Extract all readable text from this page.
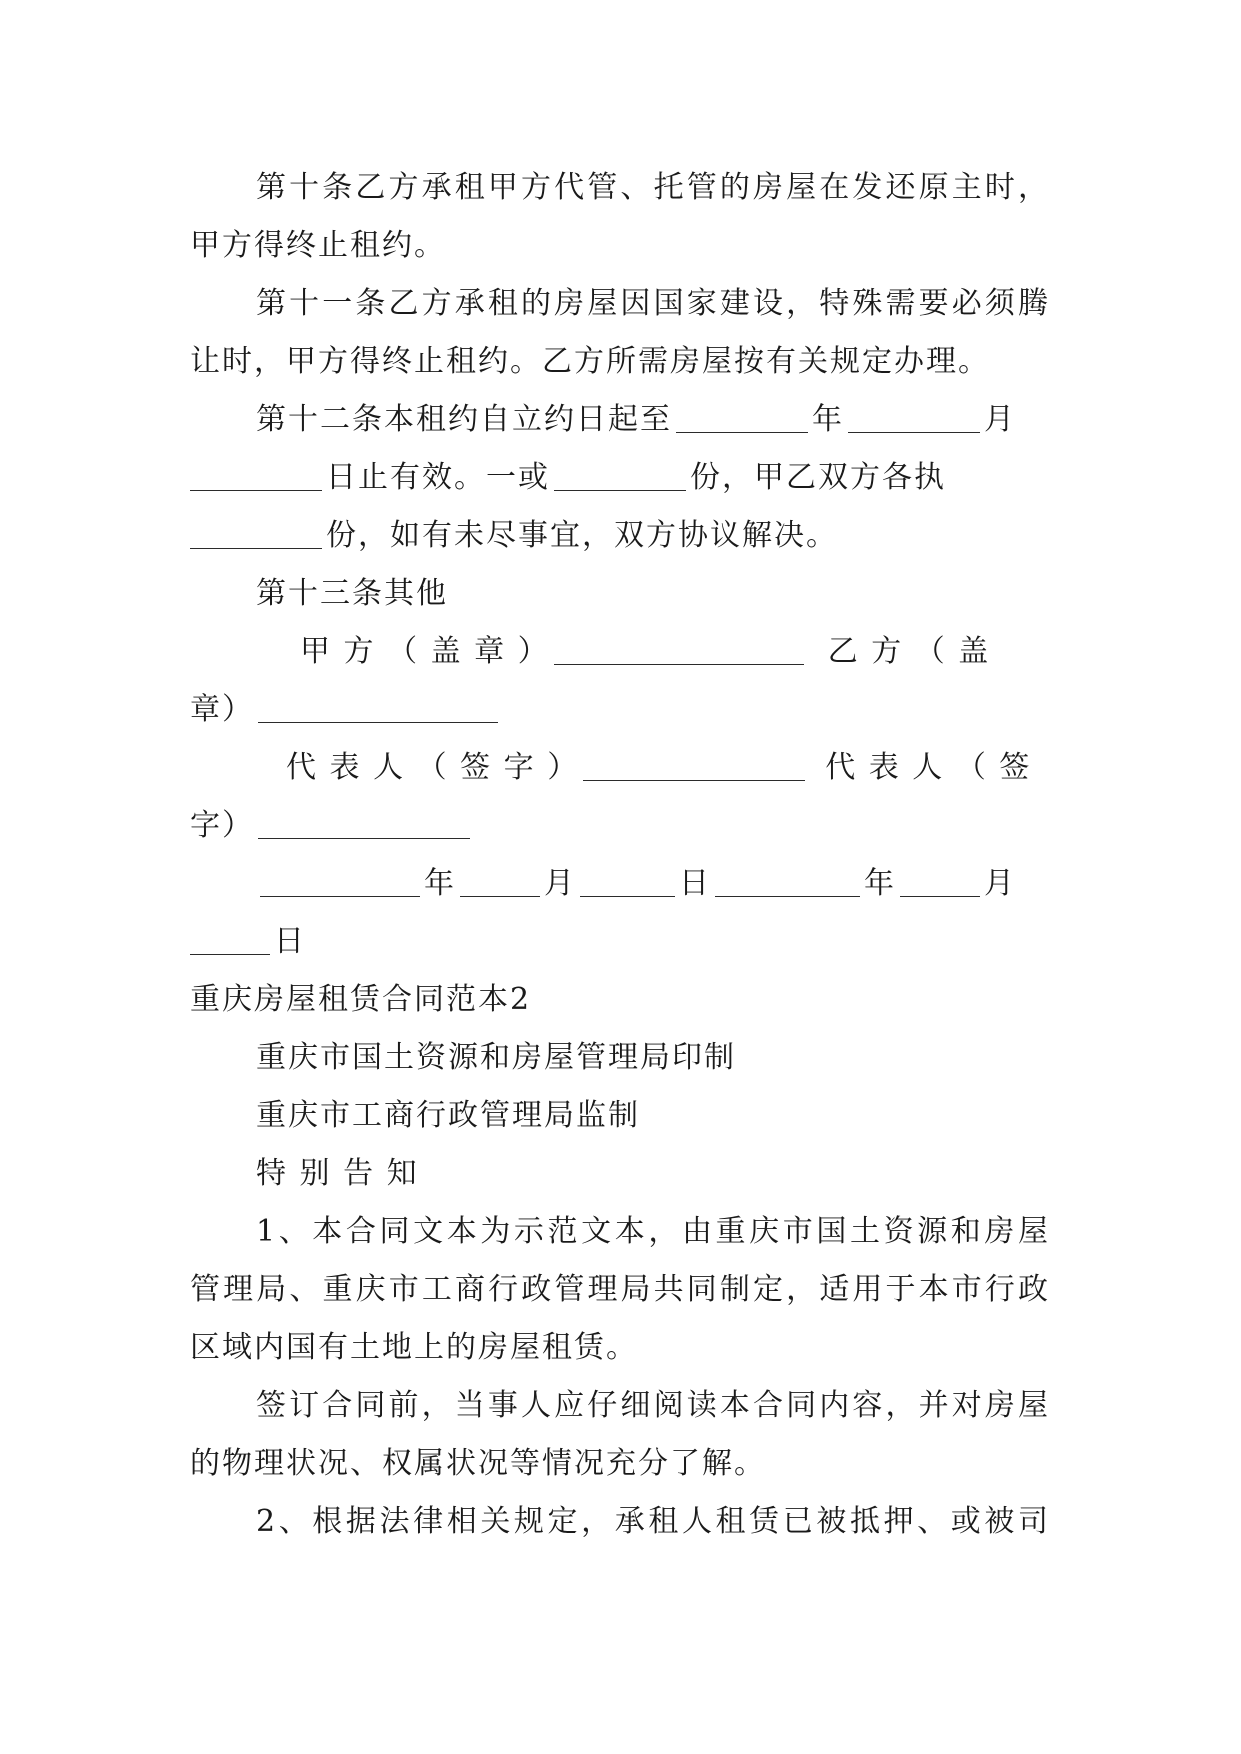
第十条乙方承租甲方代管、托管的房屋在发还原主时，
甲方得终止租约。
第十一条乙方承租的房屋因国家建设，特殊需要必须腾
让时，甲方得终止租约。乙方所需房屋按有关规定办理。
第十二条本租约自立约日起至	年	月
日止有效。一或	份，甲乙双方各执
份，如有未尽事宜，双方协议解决。
第十三条其他
甲 方 （ 盖 章 ）	乙 方 （ 盖
章）
代 表 人 （ 签 字 ）	代 表 人 （ 签
字）
年	月	日	年	月
日
重庆房屋租赁合同范本2
重庆市国土资源和房屋管理局印制
重庆市工商行政管理局监制
特 别 告 知
1、本合同文本为示范文本，由重庆市国土资源和房屋
管理局、重庆市工商行政管理局共同制定，适用于本市行政
区域内国有土地上的房屋租赁。
签订合同前，当事人应仔细阅读本合同内容，并对房屋
的物理状况、权属状况等情况充分了解。
2、根据法律相关规定，承租人租赁已被抵押、或被司
